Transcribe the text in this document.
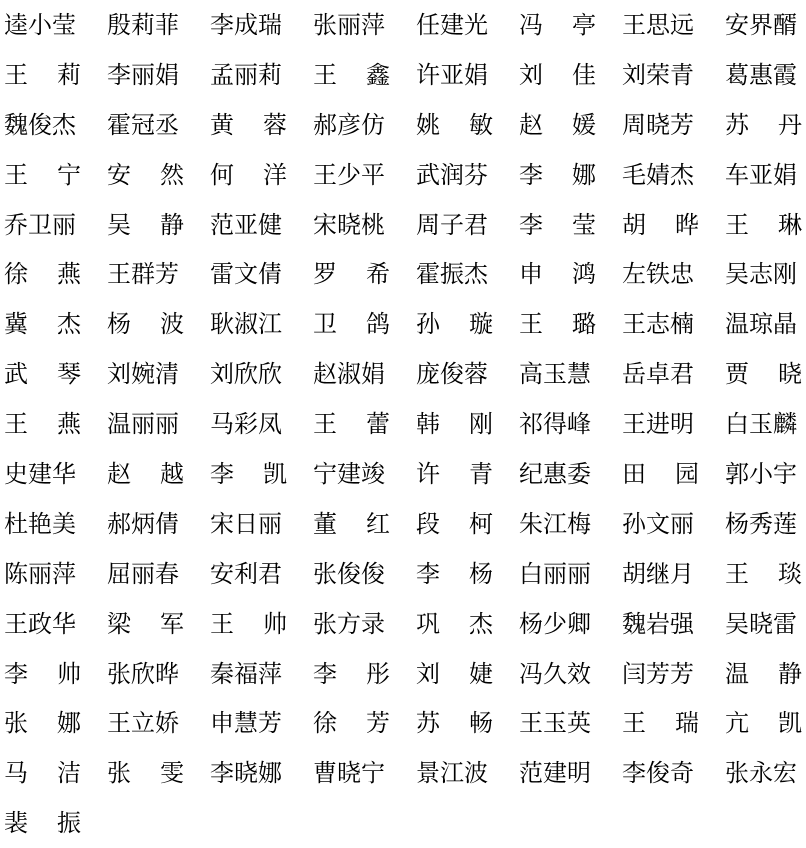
逵小莹 殷莉菲 李成瑞 张丽萍 任建光 冯 亭 王思远 安界醑
王 莉 李丽娟 孟丽莉 王 鑫 许亚娟 刘 佳 刘荣青 葛惠霞
魏俊杰 霍冠丞 黄 蓉 郝彦仿 姚 敏 赵 媛 周晓芳 苏 丹
王 宁 安 然 何 洋 王少平 武润芬 李 娜 毛婧杰 车亚娟
乔卫丽 吴 静 范亚健 宋晓桃 周子君 李 莹 胡 晔 王 琳
徐 燕 王群芳 雷文倩 罗 希 霍振杰 申 鸿 左铁忠 吴志刚
冀 杰 杨 波 耿淑江 卫 鸽 孙 璇 王 璐 王志楠 温琼晶
武 琴 刘婉清 刘欣欣 赵淑娟 庞俊蓉 高玉慧 岳卓君 贾 晓
王 燕 温丽丽 马彩凤 王 蕾 韩 刚 祁得峰 王进明 白玉麟
史建华 赵 越 李 凯 宁建竣 许 青 纪惠委 田 园 郭小宇
杜艳美 郝炳倩 宋日丽 董 红 段 柯 朱江梅 孙文丽 杨秀莲
陈丽萍 屈丽春 安利君 张俊俊 李 杨 白丽丽 胡继月 王 琰
王政华 梁 军 王 帅 张方录 巩 杰 杨少卿 魏岩强 吴晓雷
李 帅 张欣晔 秦福萍 李 彤 刘 婕 冯久效 闫芳芳 温 静
张 娜 王立娇 申慧芳 徐 芳 苏 畅 王玉英 王 瑞 亢 凯
马 洁 张 雯 李晓娜 曹晓宁 景江波 范建明 李俊奇 张永宏
裴 振
